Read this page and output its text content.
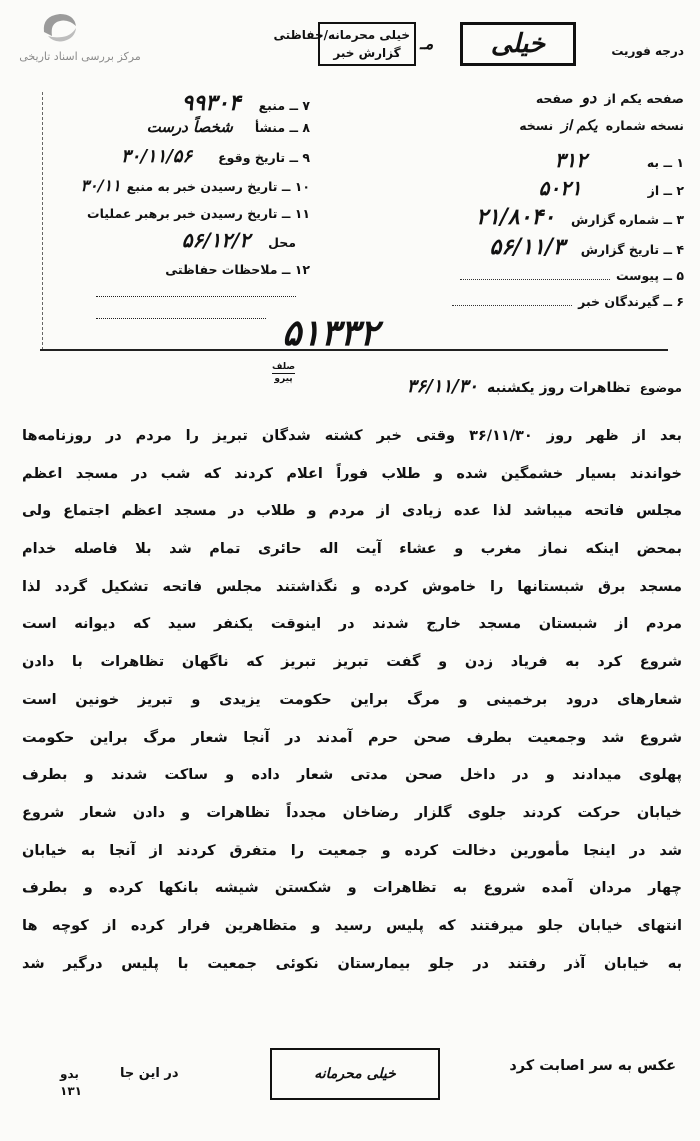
مرکز بررسی اسناد تاریخی	درجه فوریت
خیلی
مـ
خیلی محرمانه/حفاظتی
گزارش خبر
صفحه یکم از
دو
صفحه
نسخه شماره
یکم از
نسخه
۱ ــ به
۳۱۲
۲ ــ از
۵۰۲۱
۳ ــ شماره گزارش
۲۱/۸۰۴۰
۴ ــ تاریخ گزارش
۵۶/۱۱/۳
۵ ــ پیوست
۶ ــ گیرندگان خبر
۷ ــ منبع
۹۹۳۰۴
۸ ــ منشأ
شخصاً درست
۹ ــ تاریخ وقوع
۳۰/۱۱/۵۶
۱۰ ــ تاریخ رسیدن خبر به منبع
۳۰/۱۱
۱۱ ــ تاریخ رسیدن خبر برهبر عملیات
محل
۵۶/۱۲/۲
۱۲ ــ ملاحظات حفاظتی
۵۱۳۳۲
صلف
پیرو
موضوع تظاهرات روز یکشنبه ۳۶/۱۱/۳۰
بعد از ظهر روز ۳۶/۱۱/۳۰ وقتی خبر کشته شدگان تبریز را مردم در روزنامه‌ها
خواندند بسیار خشمگین شده و طلاب فوراً اعلام کردند که شب در مسجد اعظم
مجلس فاتحه میباشد لذا عده زیادی از مردم و طلاب در مسجد اعظم اجتماع ولی
بمحض اینکه نماز مغرب و عشاء آیت اله حائری تمام شد بلا فاصله خدام
مسجد برق شبستانها را خاموش کرده و نگذاشتند مجلس فاتحه تشکیل گردد لذا
مردم از شبستان مسجد خارج شدند در اینوقت یکنفر سید که دیوانه است
شروع کرد به فریاد زدن و گفت تبریز تبریز که ناگهان تظاهرات با دادن
شعارهای درود برخمینی و مرگ براین حکومت یزیدی و تبریز خونین است
شروع شد وجمعیت بطرف صحن حرم آمدند در آنجا شعار مرگ براین حکومت
پهلوی میدادند و در داخل صحن مدتی شعار داده و ساکت شدند و بطرف
خیابان حرکت کردند جلوی گلزار رضاخان مجدداً تظاهرات و دادن شعار شروع
شد در اینجا مأمورین دخالت کرده و جمعیت را متفرق کردند از آنجا به خیابان
چهار مردان آمده شروع به تظاهرات و شکستن شیشه بانکها کرده و بطرف
انتهای خیابان جلو میرفتند که پلیس رسید و متظاهرین فرار کرده از کوچه ها
به خیابان آذر رفتند در جلو بیمارستان نکوئی جمعیت با پلیس درگیر شد
بدو
۱۳۱
در این جا	خیلی محرمانه	عکس به سر اصابت کرد
